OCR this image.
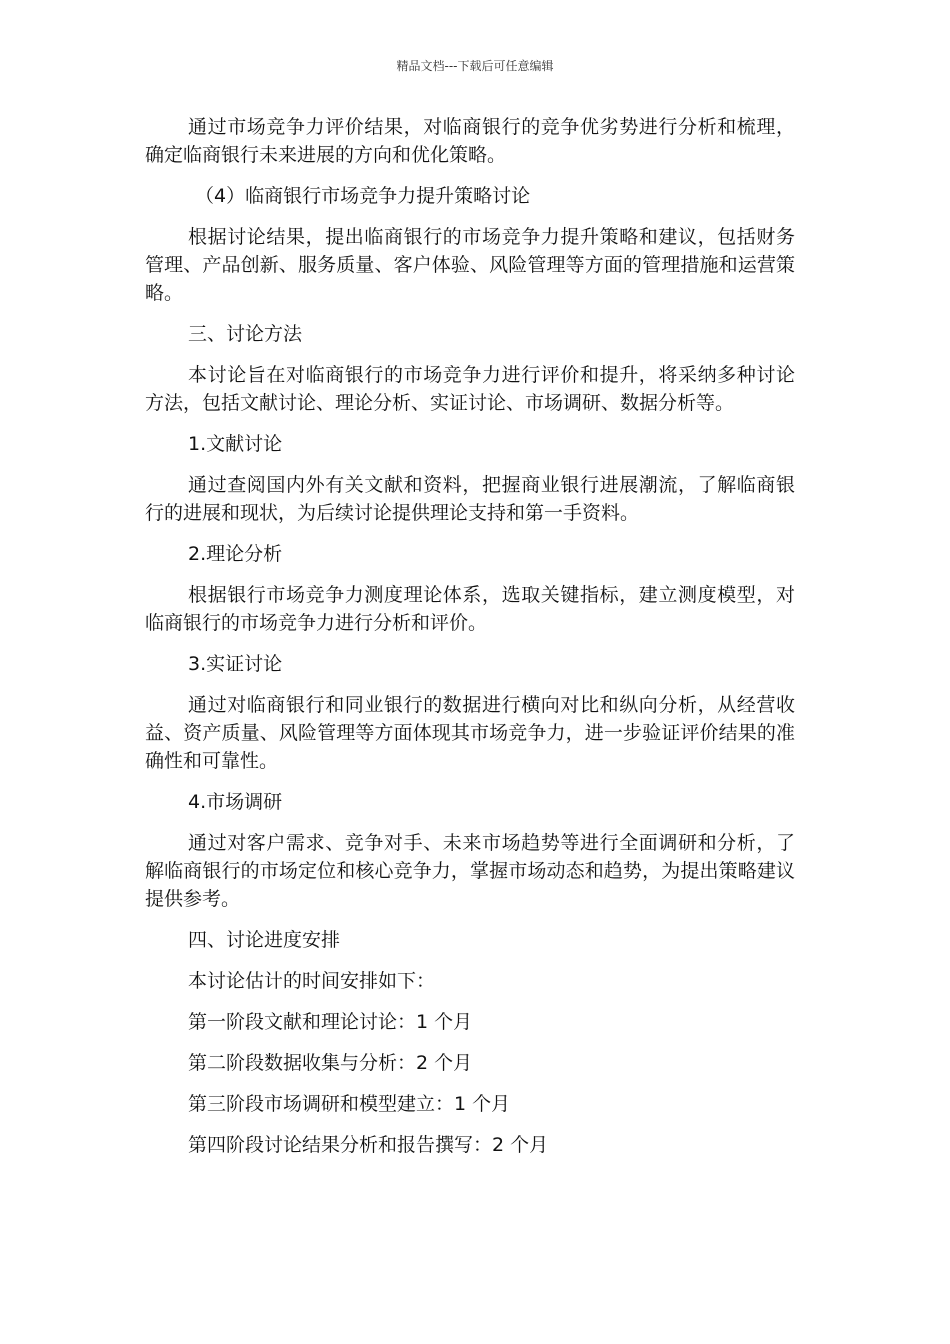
精品文档---下载后可任意编辑

通过市场竞争力评价结果，对临商银行的竞争优劣势进行分析和梳理，确定临商银行未来进展的方向和优化策略。

（4）临商银行市场竞争力提升策略讨论

根据讨论结果，提出临商银行的市场竞争力提升策略和建议，包括财务管理、产品创新、服务质量、客户体验、风险管理等方面的管理措施和运营策略。

三、讨论方法

本讨论旨在对临商银行的市场竞争力进行评价和提升，将采纳多种讨论方法，包括文献讨论、理论分析、实证讨论、市场调研、数据分析等。

1.文献讨论

通过查阅国内外有关文献和资料，把握商业银行进展潮流，了解临商银行的进展和现状，为后续讨论提供理论支持和第一手资料。

2.理论分析

根据银行市场竞争力测度理论体系，选取关键指标，建立测度模型，对临商银行的市场竞争力进行分析和评价。

3.实证讨论

通过对临商银行和同业银行的数据进行横向对比和纵向分析，从经营收益、资产质量、风险管理等方面体现其市场竞争力，进一步验证评价结果的准确性和可靠性。

4.市场调研

通过对客户需求、竞争对手、未来市场趋势等进行全面调研和分析，了解临商银行的市场定位和核心竞争力，掌握市场动态和趋势，为提出策略建议提供参考。

四、讨论进度安排

本讨论估计的时间安排如下：

第一阶段文献和理论讨论：1 个月

第二阶段数据收集与分析：2 个月

第三阶段市场调研和模型建立：1 个月

第四阶段讨论结果分析和报告撰写：2 个月
